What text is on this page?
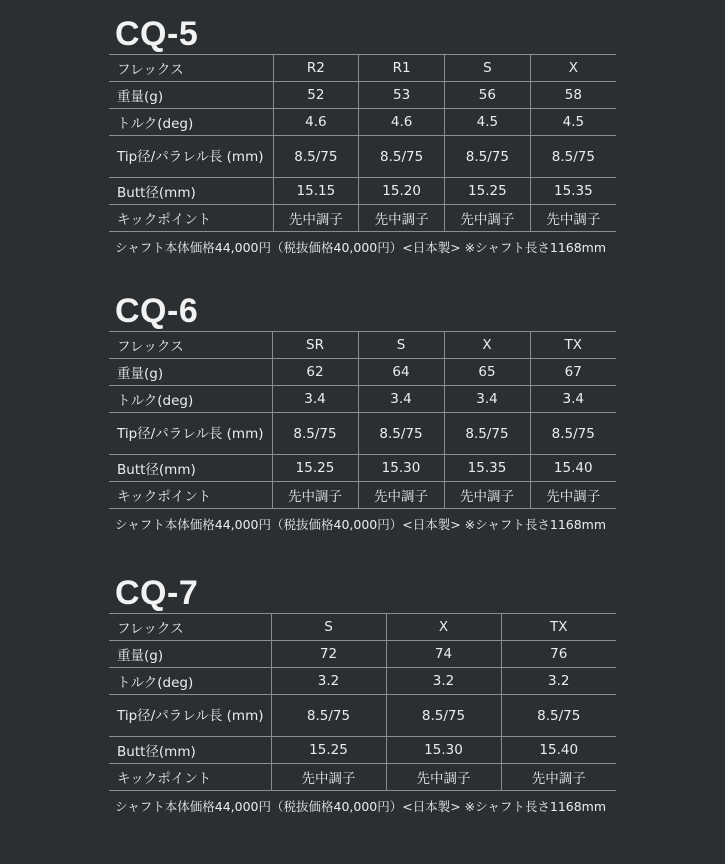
CQ-5
フレックス	R2	R1	S	X
重量(g)	52	53	56	58
トルク(deg)	4.6	4.6	4.5	4.5
Tip径/パラレル長 (mm)	8.5/75	8.5/75	8.5/75	8.5/75
Butt径(mm)	15.15	15.20	15.25	15.35
キックポイント	先中調子	先中調子	先中調子	先中調子
シャフト本体価格44,000円（税抜価格40,000円）<日本製> ※シャフト長さ1168mm
CQ-6
フレックス	SR	S	X	TX
重量(g)	62	64	65	67
トルク(deg)	3.4	3.4	3.4	3.4
Tip径/パラレル長 (mm)	8.5/75	8.5/75	8.5/75	8.5/75
Butt径(mm)	15.25	15.30	15.35	15.40
キックポイント	先中調子	先中調子	先中調子	先中調子
シャフト本体価格44,000円（税抜価格40,000円）<日本製> ※シャフト長さ1168mm
CQ-7
フレックス	S	X	TX
重量(g)	72	74	76
トルク(deg)	3.2	3.2	3.2
Tip径/パラレル長 (mm)	8.5/75	8.5/75	8.5/75
Butt径(mm)	15.25	15.30	15.40
キックポイント	先中調子	先中調子	先中調子
シャフト本体価格44,000円（税抜価格40,000円）<日本製> ※シャフト長さ1168mm
